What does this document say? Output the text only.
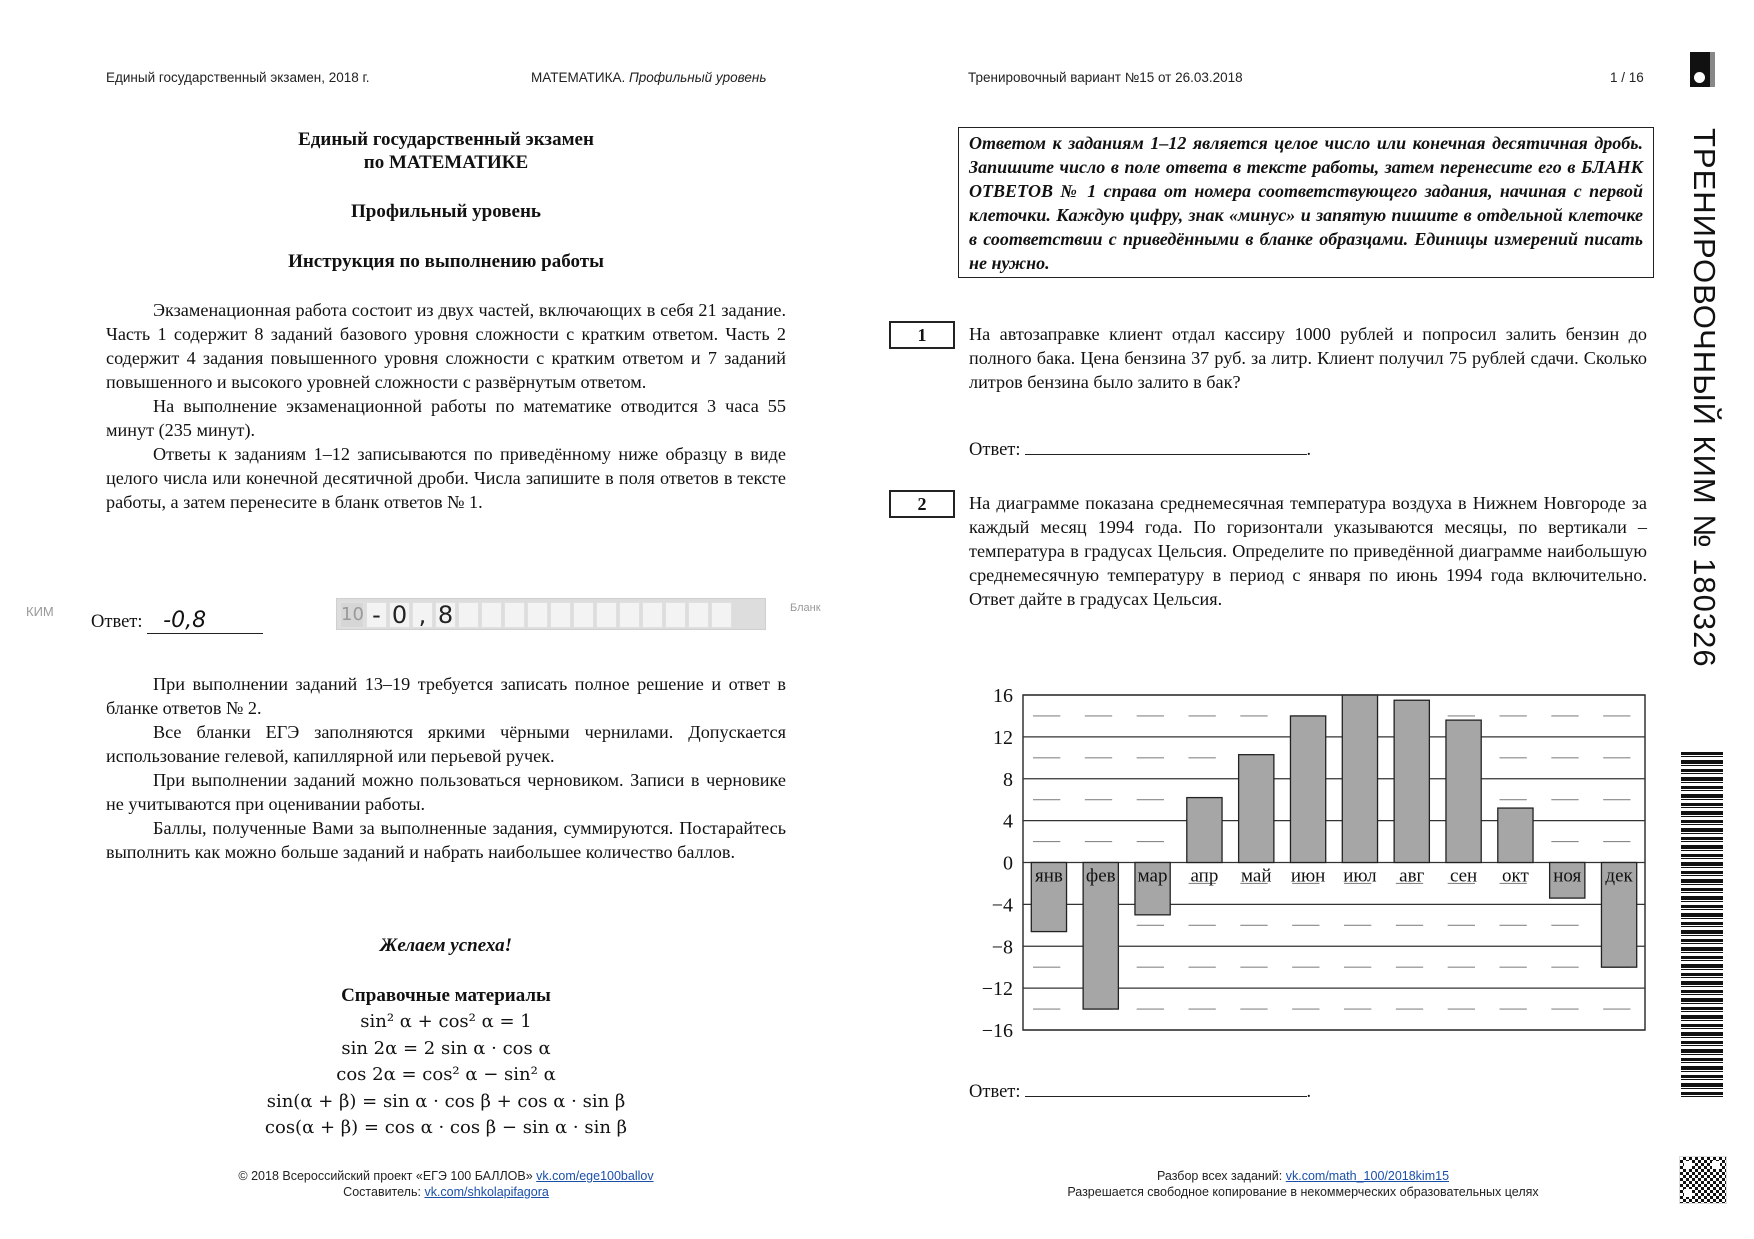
Единый государственный экзамен, 2018 г.	МАТЕМАТИКА. Профильный уровень	Тренировочный вариант №15 от 26.03.2018	1 / 16
Единый государственный экзамен
по МАТЕМАТИКЕ
Профильный уровень
Инструкция по выполнению работы

Экзаменационная работа состоит из двух частей, включающих в себя 21 задание. Часть 1 содержит 8 заданий базового уровня сложности с кратким ответом. Часть 2 содержит 4 задания повышенного уровня сложности с кратким ответом и 7 заданий повышенного и высокого уровней сложности с развёрнутым ответом.

На выполнение экзаменационной работы по математике отводится 3 часа 55 минут (235 минут).

Ответы к заданиям 1–12 записываются по приведённому ниже образцу в виде целого числа или конечной десятичной дроби. Числа запишите в поля ответов в тексте работы, а затем перенесите в бланк ответов № 1.

КИМ
Ответ: -0,8	10 - 0 , 8	Бланк

При выполнении заданий 13–19 требуется записать полное решение и ответ в бланке ответов № 2.

Все бланки ЕГЭ заполняются яркими чёрными чернилами. Допускается использование гелевой, капиллярной или перьевой ручек.

При выполнении заданий можно пользоваться черновиком. Записи в черновике не учитываются при оценивании работы.

Баллы, полученные Вами за выполненные задания, суммируются. Постарайтесь выполнить как можно больше заданий и набрать наибольшее количество баллов.

Желаем успеха!
Справочные материалы
sin² α + cos² α = 1
sin 2α = 2 sin α · cos α
cos 2α = cos² α − sin² α
sin(α + β) = sin α · cos β + cos α · sin β
cos(α + β) = cos α · cos β − sin α · sin β
© 2018 Всероссийский проект «ЕГЭ 100 БАЛЛОВ» vk.com/ege100ballov
Составитель: vk.com/shkolapifagora
Ответом к заданиям 1–12 является целое число или конечная десятичная дробь. Запишите число в поле ответа в тексте работы, затем перенесите его в БЛАНК ОТВЕТОВ № 1 справа от номера соответствующего задания, начиная с первой клеточки. Каждую цифру, знак «минус» и запятую пишите в отдельной клеточке в соответствии с приведёнными в бланке образцами. Единицы измерений писать не нужно.
1	На автозаправке клиент отдал кассиру 1000 рублей и попросил залить бензин до полного бака. Цена бензина 37 руб. за литр. Клиент получил 75 рублей сдачи. Сколько литров бензина было залито в бак?
Ответ:	.
2	На диаграмме показана среднемесячная температура воздуха в Нижнем Новгороде за каждый месяц 1994 года. По горизонтали указываются месяцы, по вертикали – температура в градусах Цельсия. Определите по приведённой диаграмме наибольшую среднемесячную температуру в период с января по июнь 1994 года включительно. Ответ дайте в градусах Цельсия.
16
12
8
4
0
−4
−8
−12
−16
янв фев мар апр май июн июл авг сен окт ноя дек
Ответ:	.
Разбор всех заданий: vk.com/math_100/2018kim15
Разрешается свободное копирование в некоммерческих образовательных целях
ТРЕНИРОВОЧНЫЙ КИМ № 180326
